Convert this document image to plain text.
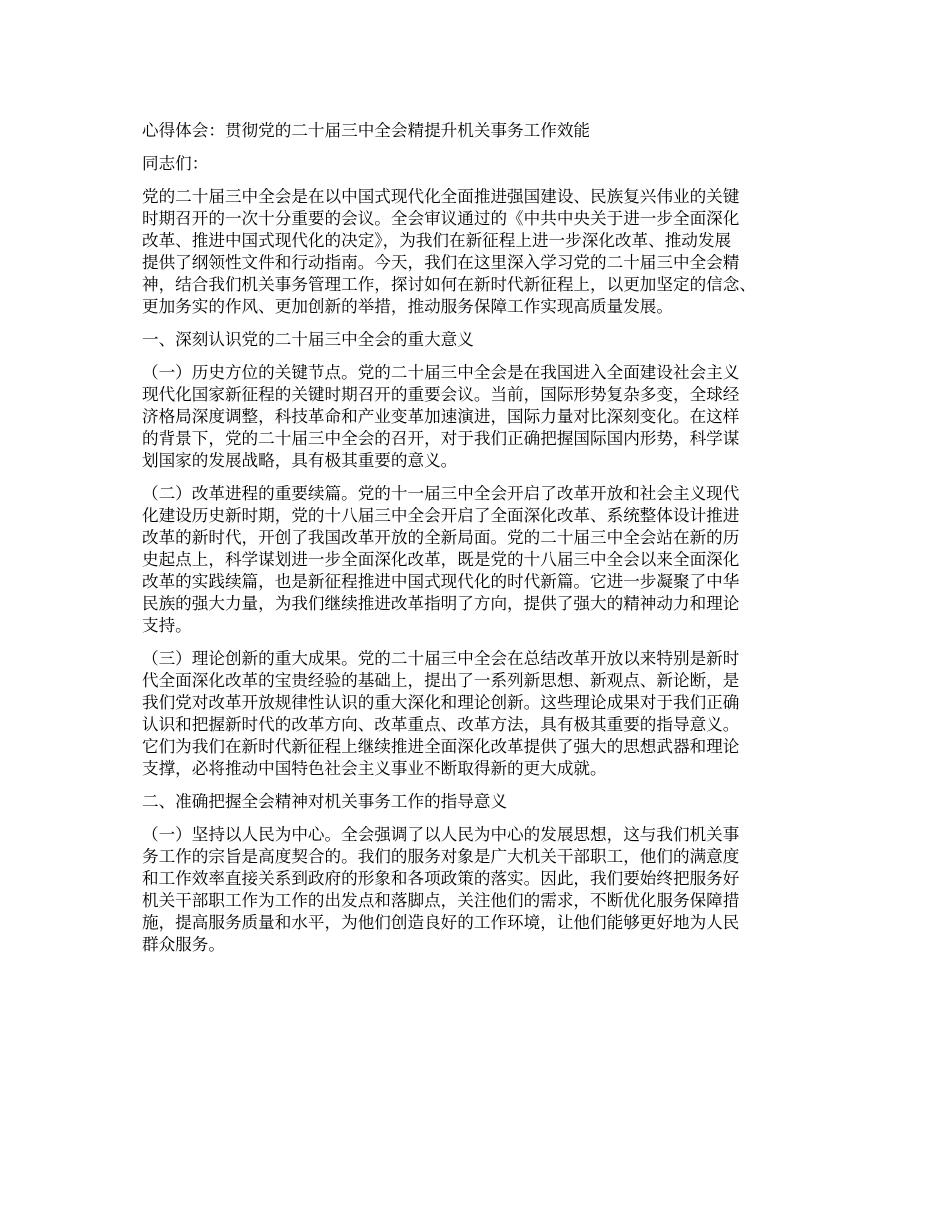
心得体会：贯彻党的二十届三中全会精提升机关事务工作效能
同志们：
党的二十届三中全会是在以中国式现代化全面推进强国建设、民族复兴伟业的关键
时期召开的一次十分重要的会议。全会审议通过的《中共中央关于进一步全面深化
改革、推进中国式现代化的决定》，为我们在新征程上进一步深化改革、推动发展
提供了纲领性文件和行动指南。今天，我们在这里深入学习党的二十届三中全会精
神，结合我们机关事务管理工作，探讨如何在新时代新征程上，以更加坚定的信念、
更加务实的作风、更加创新的举措，推动服务保障工作实现高质量发展。
一、深刻认识党的二十届三中全会的重大意义
（一）历史方位的关键节点。党的二十届三中全会是在我国进入全面建设社会主义
现代化国家新征程的关键时期召开的重要会议。当前，国际形势复杂多变，全球经
济格局深度调整，科技革命和产业变革加速演进，国际力量对比深刻变化。在这样
的背景下，党的二十届三中全会的召开，对于我们正确把握国际国内形势，科学谋
划国家的发展战略，具有极其重要的意义。
（二）改革进程的重要续篇。党的十一届三中全会开启了改革开放和社会主义现代
化建设历史新时期，党的十八届三中全会开启了全面深化改革、系统整体设计推进
改革的新时代，开创了我国改革开放的全新局面。党的二十届三中全会站在新的历
史起点上，科学谋划进一步全面深化改革，既是党的十八届三中全会以来全面深化
改革的实践续篇，也是新征程推进中国式现代化的时代新篇。它进一步凝聚了中华
民族的强大力量，为我们继续推进改革指明了方向，提供了强大的精神动力和理论
支持。
（三）理论创新的重大成果。党的二十届三中全会在总结改革开放以来特别是新时
代全面深化改革的宝贵经验的基础上，提出了一系列新思想、新观点、新论断，是
我们党对改革开放规律性认识的重大深化和理论创新。这些理论成果对于我们正确
认识和把握新时代的改革方向、改革重点、改革方法，具有极其重要的指导意义。
它们为我们在新时代新征程上继续推进全面深化改革提供了强大的思想武器和理论
支撑，必将推动中国特色社会主义事业不断取得新的更大成就。
二、准确把握全会精神对机关事务工作的指导意义
（一）坚持以人民为中心。全会强调了以人民为中心的发展思想，这与我们机关事
务工作的宗旨是高度契合的。我们的服务对象是广大机关干部职工，他们的满意度
和工作效率直接关系到政府的形象和各项政策的落实。因此，我们要始终把服务好
机关干部职工作为工作的出发点和落脚点，关注他们的需求，不断优化服务保障措
施，提高服务质量和水平，为他们创造良好的工作环境，让他们能够更好地为人民
群众服务。
